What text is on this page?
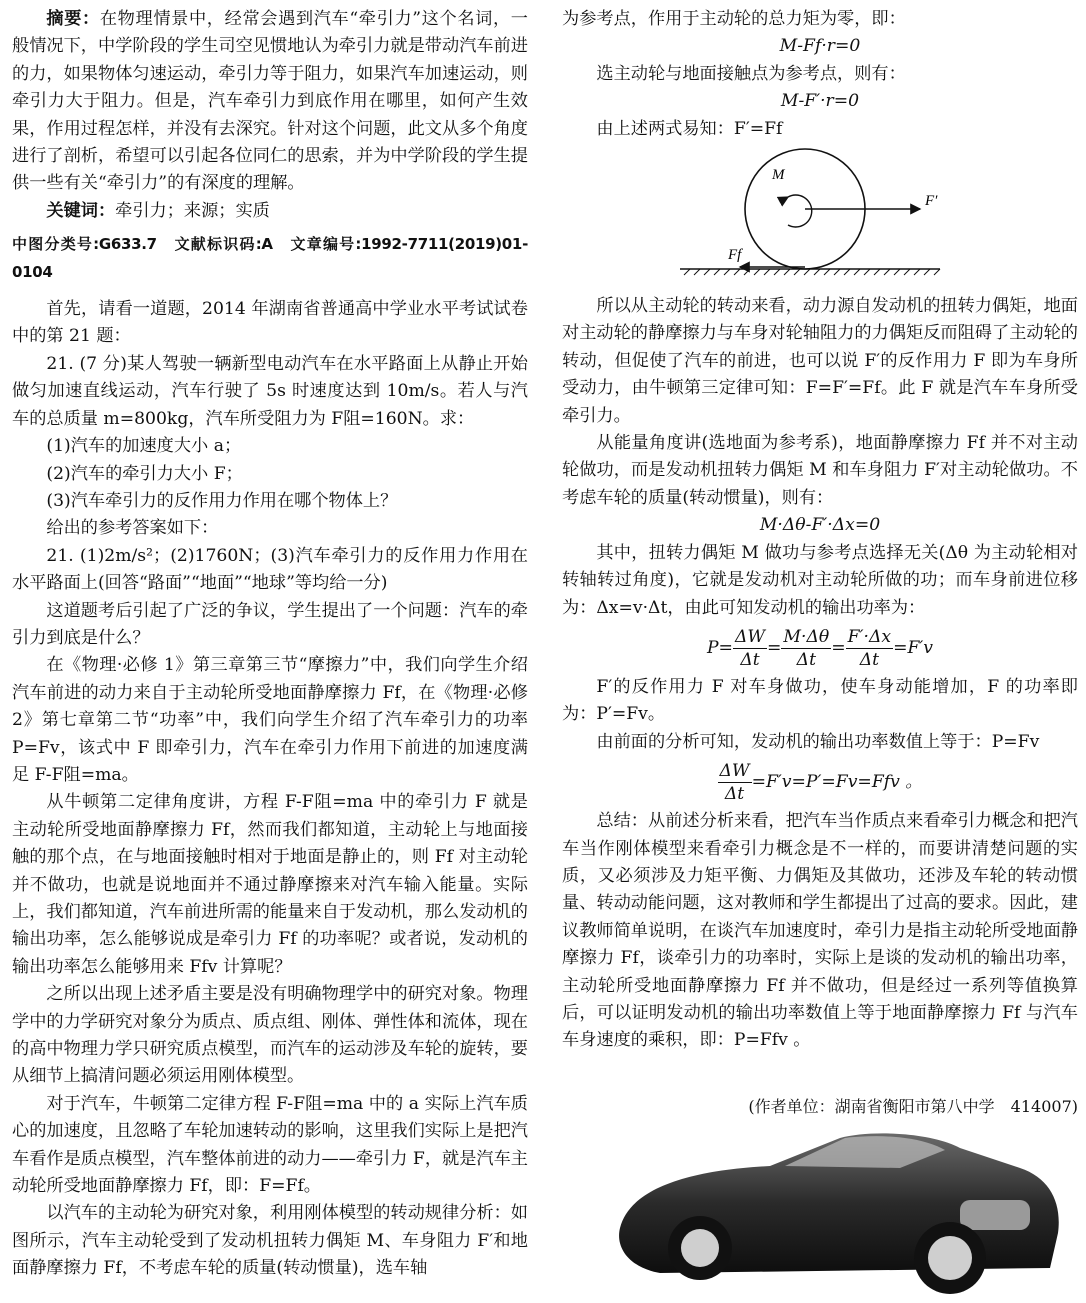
摘要：在物理情景中，经常会遇到汽车“牵引力”这个名词，一般情况下，中学阶段的学生司空见惯地认为牵引力就是带动汽车前进的力，如果物体匀速运动，牵引力等于阻力，如果汽车加速运动，则牵引力大于阻力。但是，汽车牵引力到底作用在哪里，如何产生效果，作用过程怎样，并没有去深究。针对这个问题，此文从多个角度进行了剖析，希望可以引起各位同仁的思索，并为中学阶段的学生提供一些有关“牵引力”的有深度的理解。

关键词：牵引力；来源；实质

中图分类号:G633.7　文献标识码:A　文章编号:1992-7711(2019)01-0104

首先，请看一道题，2014 年湖南省普通高中学业水平考试试卷中的第 21 题：

21. (7 分)某人驾驶一辆新型电动汽车在水平路面上从静止开始做匀加速直线运动，汽车行驶了 5s 时速度达到 10m/s。若人与汽车的总质量 m=800kg，汽车所受阻力为 F阻=160N。求：

(1)汽车的加速度大小 a；

(2)汽车的牵引力大小 F；

(3)汽车牵引力的反作用力作用在哪个物体上？

给出的参考答案如下：

21. (1)2m/s²；(2)1760N；(3)汽车牵引力的反作用力作用在水平路面上(回答“路面”“地面”“地球”等均给一分)

这道题考后引起了广泛的争议，学生提出了一个问题：汽车的牵引力到底是什么？

在《物理·必修 1》第三章第三节“摩擦力”中，我们向学生介绍汽车前进的动力来自于主动轮所受地面静摩擦力 Ff，在《物理·必修 2》第七章第二节“功率”中，我们向学生介绍了汽车牵引力的功率 P=Fv，该式中 F 即牵引力，汽车在牵引力作用下前进的加速度满足 F-F阻=ma。

从牛顿第二定律角度讲，方程 F-F阻=ma 中的牵引力 F 就是主动轮所受地面静摩擦力 Ff，然而我们都知道，主动轮上与地面接触的那个点，在与地面接触时相对于地面是静止的，则 Ff 对主动轮并不做功，也就是说地面并不通过静摩擦来对汽车输入能量。实际上，我们都知道，汽车前进所需的能量来自于发动机，那么发动机的输出功率，怎么能够说成是牵引力 Ff 的功率呢？或者说，发动机的输出功率怎么能够用来 Ffv 计算呢？

之所以出现上述矛盾主要是没有明确物理学中的研究对象。物理学中的力学研究对象分为质点、质点组、刚体、弹性体和流体，现在的高中物理力学只研究质点模型，而汽车的运动涉及车轮的旋转，要从细节上搞清问题必须运用刚体模型。

对于汽车，牛顿第二定律方程 F-F阻=ma 中的 a 实际上汽车质心的加速度，且忽略了车轮加速转动的影响，这里我们实际上是把汽车看作是质点模型，汽车整体前进的动力——牵引力 F，就是汽车主动轮所受地面静摩擦力 Ff，即：F=Ff。

以汽车的主动轮为研究对象，利用刚体模型的转动规律分析：如图所示，汽车主动轮受到了发动机扭转力偶矩 M、车身阻力 F′和地面静摩擦力 Ff，不考虑车轮的质量(转动惯量)，选车轴

为参考点，作用于主动轮的总力矩为零，即：

M-Ff·r=0

选主动轮与地面接触点为参考点，则有：

M-F′·r=0

由上述两式易知：F′=Ff

M
F′
Ff

所以从主动轮的转动来看，动力源自发动机的扭转力偶矩，地面对主动轮的静摩擦力与车身对轮轴阻力的力偶矩反而阻碍了主动轮的转动，但促使了汽车的前进，也可以说 F′的反作用力 F 即为车身所受动力，由牛顿第三定律可知：F=F′=Ff。此 F 就是汽车车身所受牵引力。

从能量角度讲(选地面为参考系)，地面静摩擦力 Ff 并不对主动轮做功，而是发动机扭转力偶矩 M 和车身阻力 F′对主动轮做功。不考虑车轮的质量(转动惯量)，则有：

M·Δθ-F′·Δx=0

其中，扭转力偶矩 M 做功与参考点选择无关(Δθ 为主动轮相对转轴转过角度)，它就是发动机对主动轮所做的功；而车身前进位移为：Δx=v·Δt，由此可知发动机的输出功率为：

$P= \frac{\Delta W}{\Delta t} = \frac{M\cdot\Delta\theta}{\Delta t} = \frac{F'\cdot\Delta x}{\Delta t} =F'v$

F′的反作用力 F 对车身做功，使车身动能增加，F 的功率即为：P′=Fv。

由前面的分析可知，发动机的输出功率数值上等于：P=Fv

$\frac{\Delta W}{\Delta t} =F'v=P'=Fv=Ffv$ 。

总结：从前述分析来看，把汽车当作质点来看牵引力概念和把汽车当作刚体模型来看牵引力概念是不一样的，而要讲清楚问题的实质，又必须涉及力矩平衡、力偶矩及其做功，还涉及车轮的转动惯量、转动动能问题，这对教师和学生都提出了过高的要求。因此，建议教师简单说明，在谈汽车加速度时，牵引力是指主动轮所受地面静摩擦力 Ff，谈牵引力的功率时，实际上是谈的发动机的输出功率，主动轮所受地面静摩擦力 Ff 并不做功，但是经过一系列等值换算后，可以证明发动机的输出功率数值上等于地面静摩擦力 Ff 与汽车车身速度的乘积，即：P=Ffv 。

(作者单位：湖南省衡阳市第八中学　414007)
